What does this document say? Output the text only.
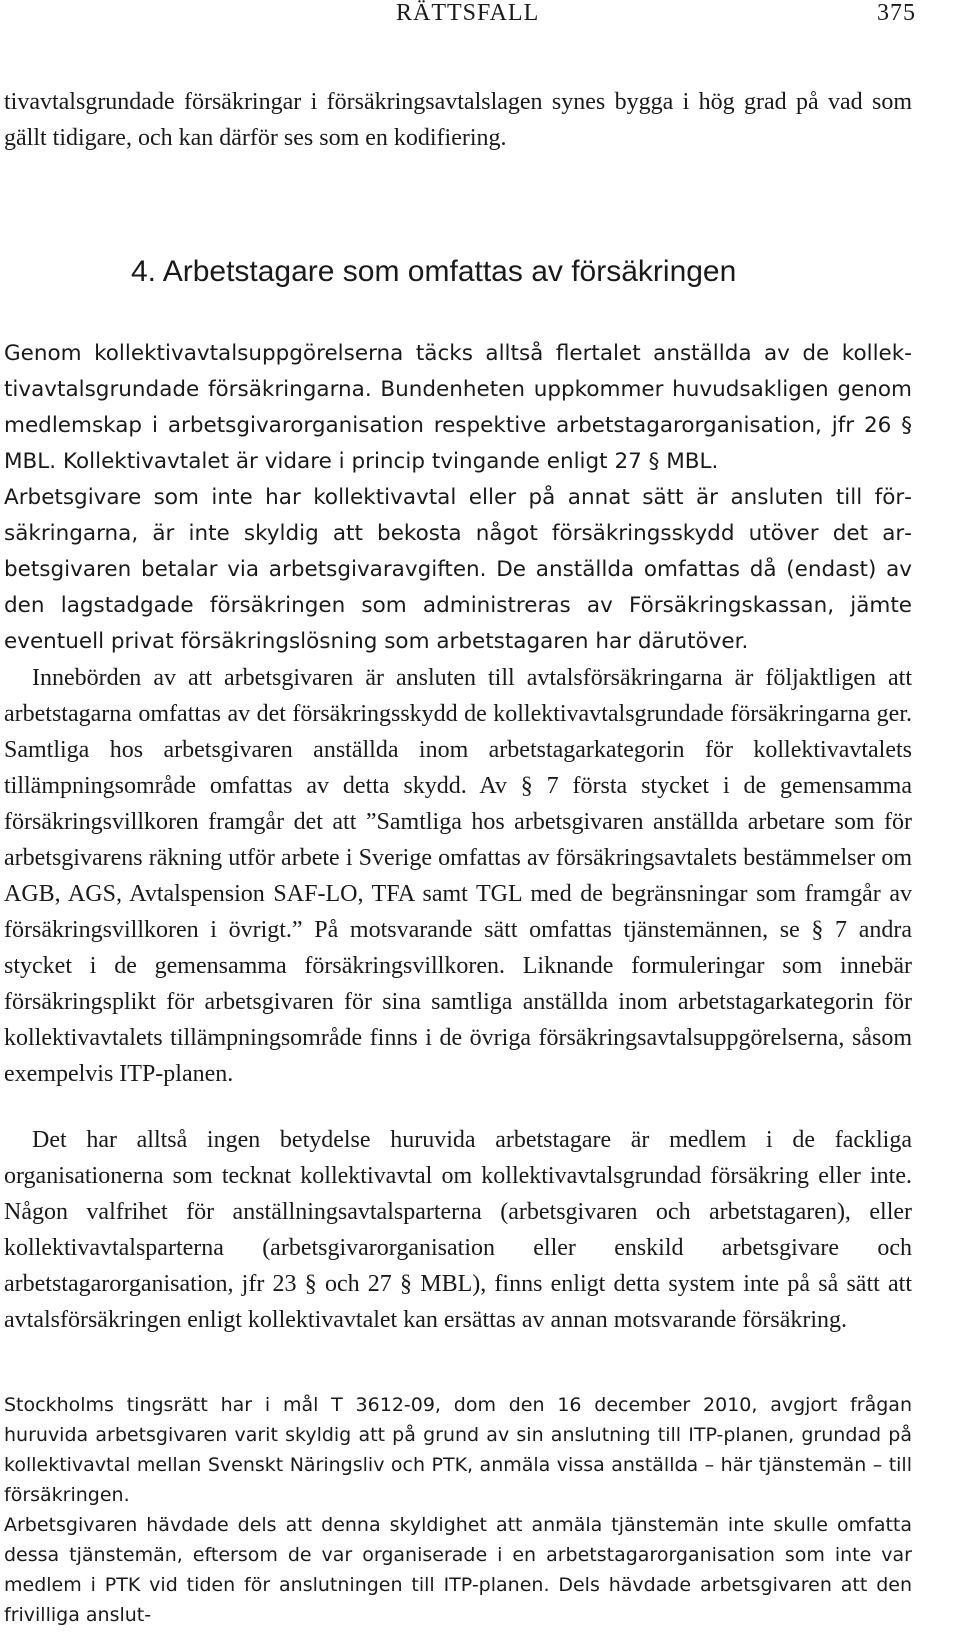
RÄTTSFALL	375

tivavtalsgrundade försäkringar i försäkringsavtalslagen synes bygga i hög grad på vad som gällt tidigare, och kan därför ses som en kodifiering.

4. Arbetstagare som omfattas av försäkringen

Genom kollektivavtalsuppgörelserna täcks alltså flertalet anställda av de kollektivavtalsgrundade försäkringarna. Bundenheten uppkommer huvudsakligen genom medlemskap i arbetsgivarorganisation respektive arbetstagarorganisation, jfr 26 § MBL. Kollektivavtalet är vidare i princip tvingande enligt 27 § MBL.

Arbetsgivare som inte har kollektivavtal eller på annat sätt är ansluten till försäkringarna, är inte skyldig att bekosta något försäkringsskydd utöver det arbetsgivaren betalar via arbetsgivaravgiften. De anställda omfattas då (endast) av den lagstadgade försäkringen som administreras av Försäkringskassan, jämte eventuell privat försäkringslösning som arbetstagaren har därutöver.

Innebörden av att arbetsgivaren är ansluten till avtalsförsäkringarna är följaktligen att arbetstagarna omfattas av det försäkringsskydd de kollektivavtalsgrundade försäkringarna ger. Samtliga hos arbetsgivaren anställda inom arbetstagarkategorin för kollektivavtalets tillämpningsområde omfattas av detta skydd. Av § 7 första stycket i de gemensamma försäkringsvillkoren framgår det att ”Samtliga hos arbetsgivaren anställda arbetare som för arbetsgivarens räkning utför arbete i Sverige omfattas av försäkringsavtalets bestämmelser om AGB, AGS, Avtalspension SAF-LO, TFA samt TGL med de begränsningar som framgår av försäkringsvillkoren i övrigt.” På motsvarande sätt omfattas tjänstemännen, se § 7 andra stycket i de gemensamma försäkringsvillkoren. Liknande formuleringar som innebär försäkringsplikt för arbetsgivaren för sina samtliga anställda inom arbetstagarkategorin för kollektivavtalets tillämpningsområde finns i de övriga försäkringsavtalsuppgörelserna, såsom exempelvis ITP-planen.

Det har alltså ingen betydelse huruvida arbetstagare är medlem i de fackliga organisationerna som tecknat kollektivavtal om kollektivavtalsgrundad försäkring eller inte. Någon valfrihet för anställningsavtalsparterna (arbetsgivaren och arbetstagaren), eller kollektivavtalsparterna (arbetsgivarorganisation eller enskild arbetsgivare och arbetstagarorganisation, jfr 23 § och 27 § MBL), finns enligt detta system inte på så sätt att avtalsförsäkringen enligt kollektivavtalet kan ersättas av annan motsvarande försäkring.

Stockholms tingsrätt har i mål T 3612-09, dom den 16 december 2010, avgjort frågan huruvida arbetsgivaren varit skyldig att på grund av sin anslutning till ITP-planen, grundad på kollektivavtal mellan Svenskt Näringsliv och PTK, anmäla vissa anställda – här tjänstemän – till försäkringen.

Arbetsgivaren hävdade dels att denna skyldighet att anmäla tjänstemän inte skulle omfatta dessa tjänstemän, eftersom de var organiserade i en arbetstagarorganisation som inte var medlem i PTK vid tiden för anslutningen till ITP-planen. Dels hävdade arbetsgivaren att den frivilliga anslut-
